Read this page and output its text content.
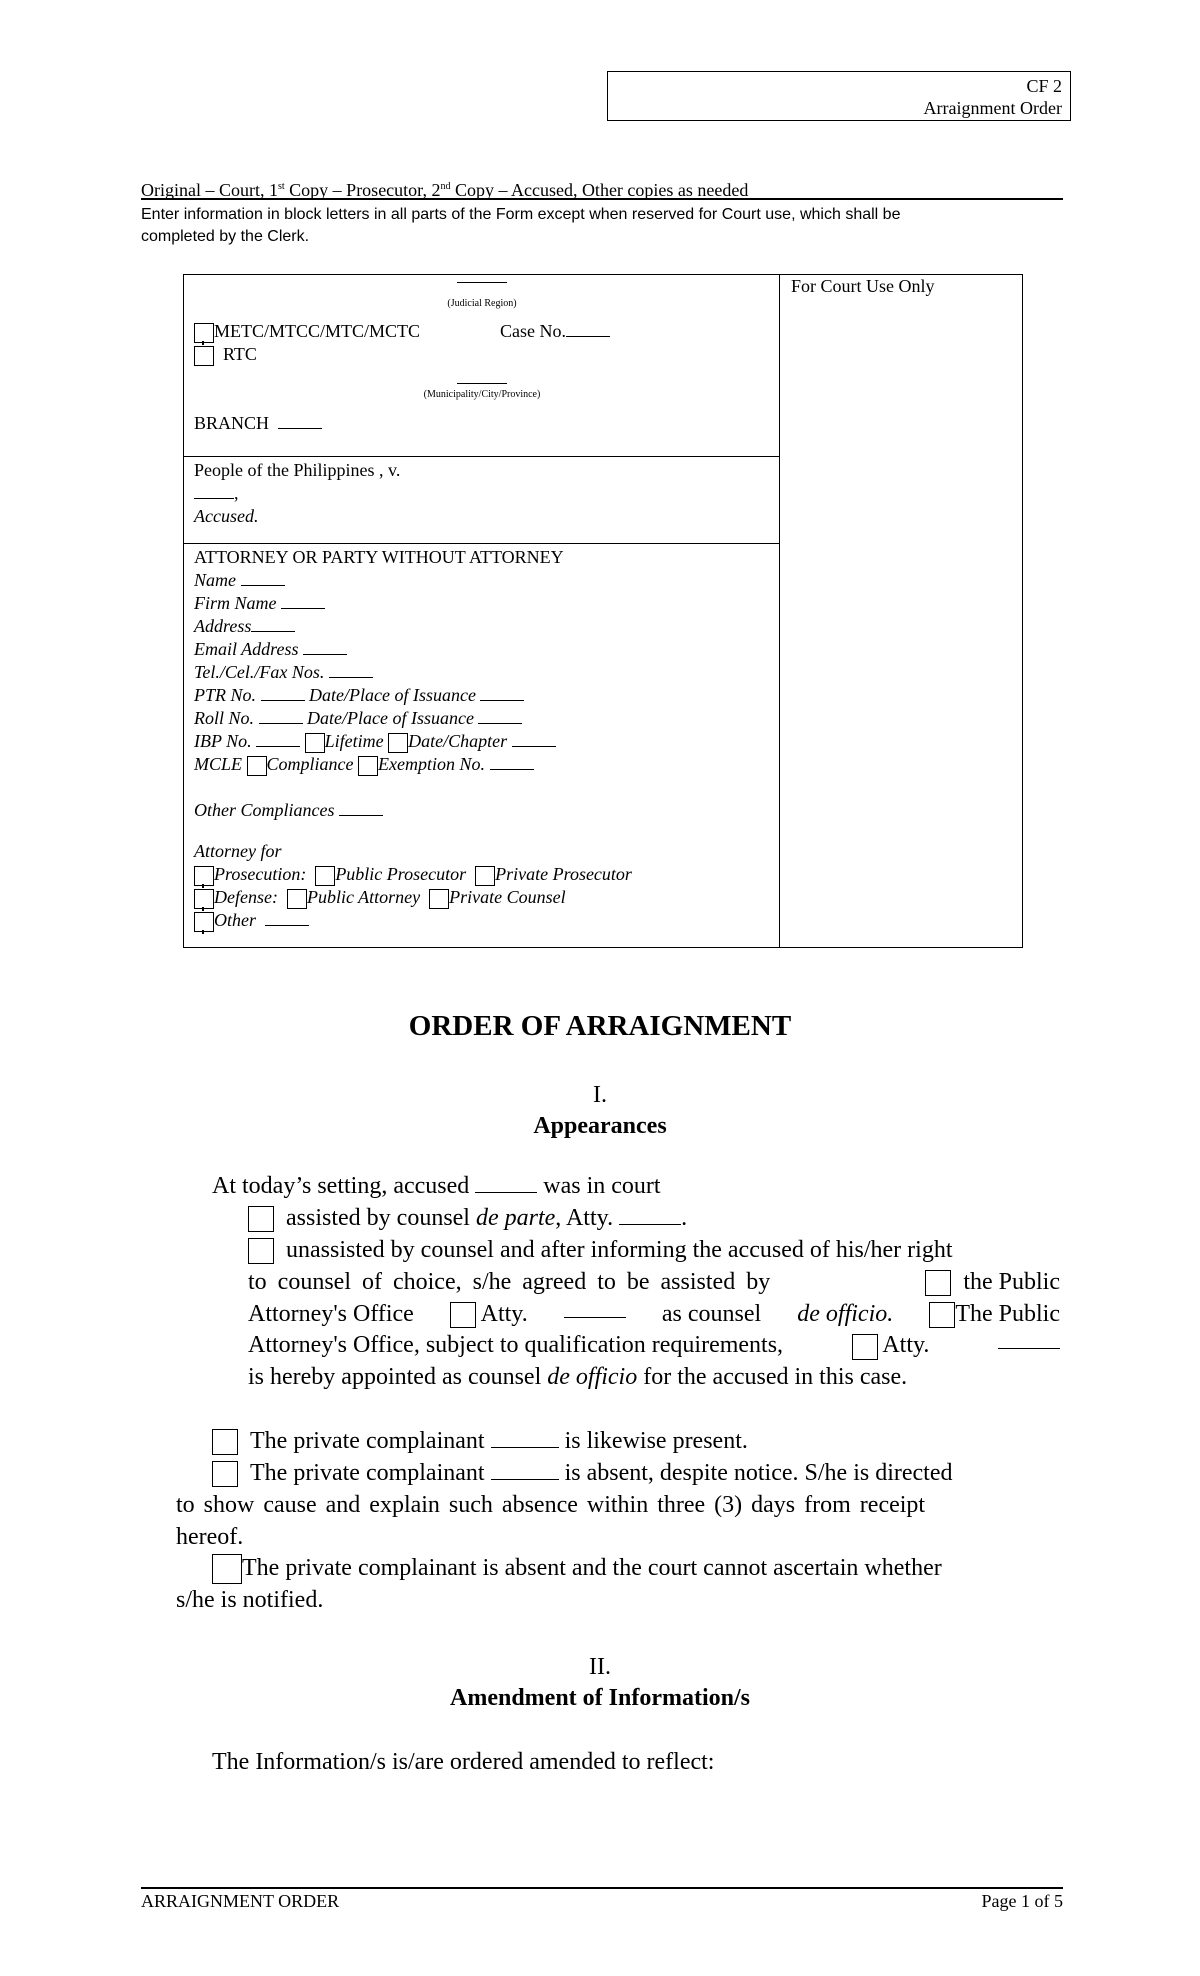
CF 2
Arraignment Order
Original – Court, 1st Copy – Prosecutor, 2nd Copy – Accused, Other copies as needed
Enter information in block letters in all parts of the Form except when reserved for Court use, which shall be
completed by the Clerk.
For Court Use Only
(Judicial Region)
METC/MTCC/MTC/MCTC	Case No.
RTC
(Municipality/City/Province)
BRANCH
People of the Philippines , v.
,
Accused.
ATTORNEY OR PARTY WITHOUT ATTORNEY
Name
Firm Name
Address
Email Address
Tel./Cel./Fax Nos.
PTR No.	Date/Place of Issuance
Roll No.	Date/Place of Issuance
IBP No.	Lifetime Date/Chapter
MCLE Compliance Exemption No.
Other Compliances
Attorney for
Prosecution: Public Prosecutor Private Prosecutor
Defense: Public Attorney Private Counsel
Other
ORDER OF ARRAIGNMENT
I.
Appearances
At today’s setting, accused	was in court
assisted by counsel de parte, Atty.	.
unassisted by counsel and after informing the accused of his/her right
to counsel of choice, s/he agreed to be assisted by	the Public
Attorney's Office	Atty.	as counsel de officio.	The Public
Attorney's Office, subject to qualification requirements,	Atty.
is hereby appointed as counsel de officio for the accused in this case.
The private complainant	is likewise present.
The private complainant	is absent, despite notice. S/he is directed
to show cause and explain such absence within three (3) days from receipt
hereof.
The private complainant is absent and the court cannot ascertain whether
s/he is notified.
II.
Amendment of Information/s
The Information/s is/are ordered amended to reflect:
ARRAIGNMENT ORDER	Page 1 of 5
